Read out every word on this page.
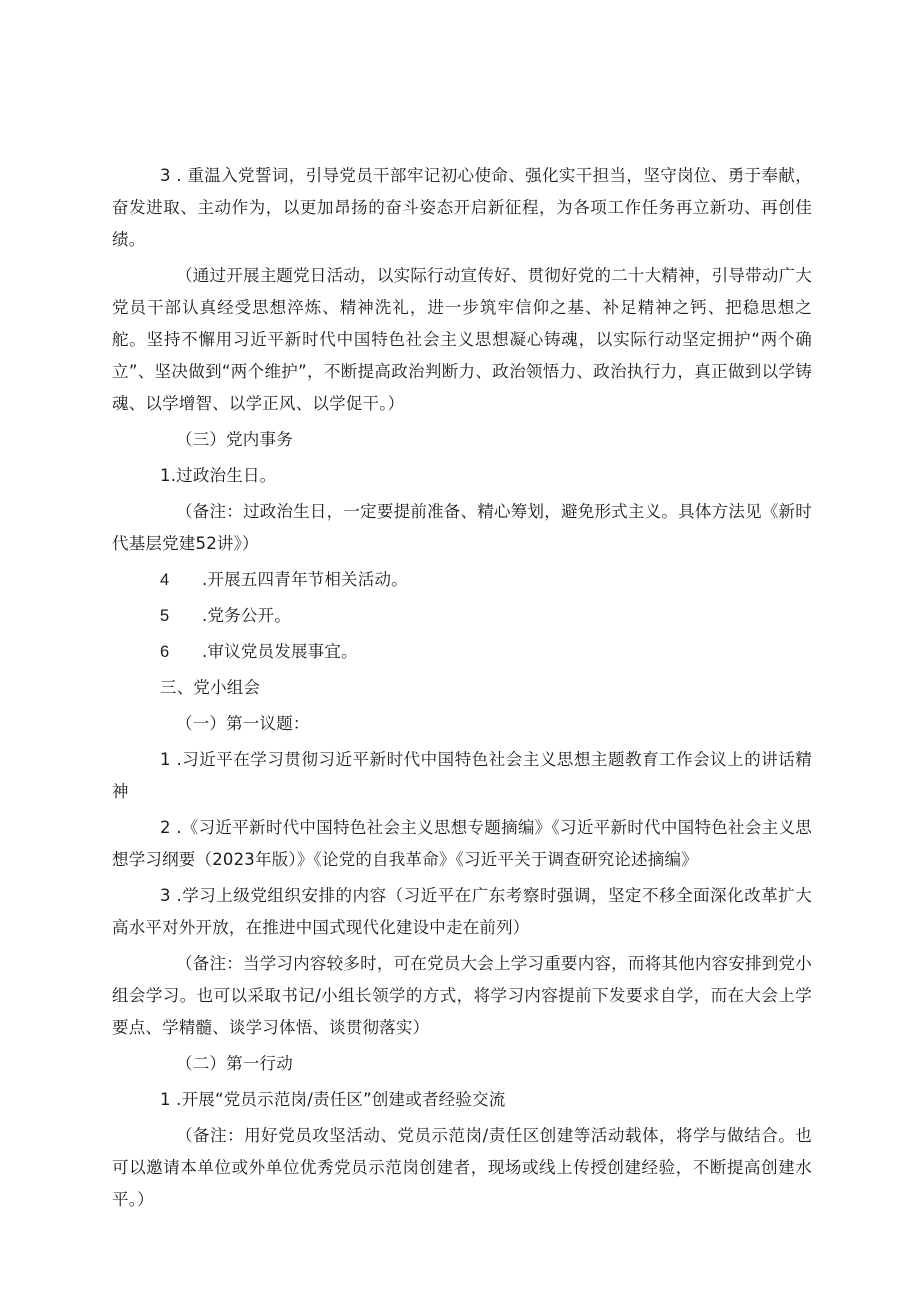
3 . 重温入党誓词，引导党员干部牢记初心使命、强化实干担当，坚守岗位、勇于奉献，奋发进取、主动作为，以更加昂扬的奋斗姿态开启新征程，为各项工作任务再立新功、再创佳绩。

（通过开展主题党日活动，以实际行动宣传好、贯彻好党的二十大精神，引导带动广大党员干部认真经受思想淬炼、精神洗礼，进一步筑牢信仰之基、补足精神之钙、把稳思想之舵。坚持不懈用习近平新时代中国特色社会主义思想凝心铸魂，以实际行动坚定拥护“两个确立”、坚决做到“两个维护”，不断提高政治判断力、政治领悟力、政治执行力，真正做到以学铸魂、以学增智、以学正风、以学促干。）

（三）党内事务

1.过政治生日。

（备注：过政治生日，一定要提前准备、精心筹划，避免形式主义。具体方法见《新时代基层党建52讲》）

4 .开展五四青年节相关活动。

5 .党务公开。

6 .审议党员发展事宜。

三、党小组会

（一）第一议题：

1 .习近平在学习贯彻习近平新时代中国特色社会主义思想主题教育工作会议上的讲话精神

2 .《习近平新时代中国特色社会主义思想专题摘编》《习近平新时代中国特色社会主义思想学习纲要（2023年版）》《论党的自我革命》《习近平关于调查研究论述摘编》

3 .学习上级党组织安排的内容（习近平在广东考察时强调，坚定不移全面深化改革扩大高水平对外开放，在推进中国式现代化建设中走在前列）

（备注：当学习内容较多时，可在党员大会上学习重要内容，而将其他内容安排到党小组会学习。也可以采取书记/小组长领学的方式，将学习内容提前下发要求自学，而在大会上学要点、学精髓、谈学习体悟、谈贯彻落实）

（二）第一行动

1 .开展“党员示范岗/责任区”创建或者经验交流

（备注：用好党员攻坚活动、党员示范岗/责任区创建等活动载体，将学与做结合。也可以邀请本单位或外单位优秀党员示范岗创建者，现场或线上传授创建经验，不断提高创建水平。）
